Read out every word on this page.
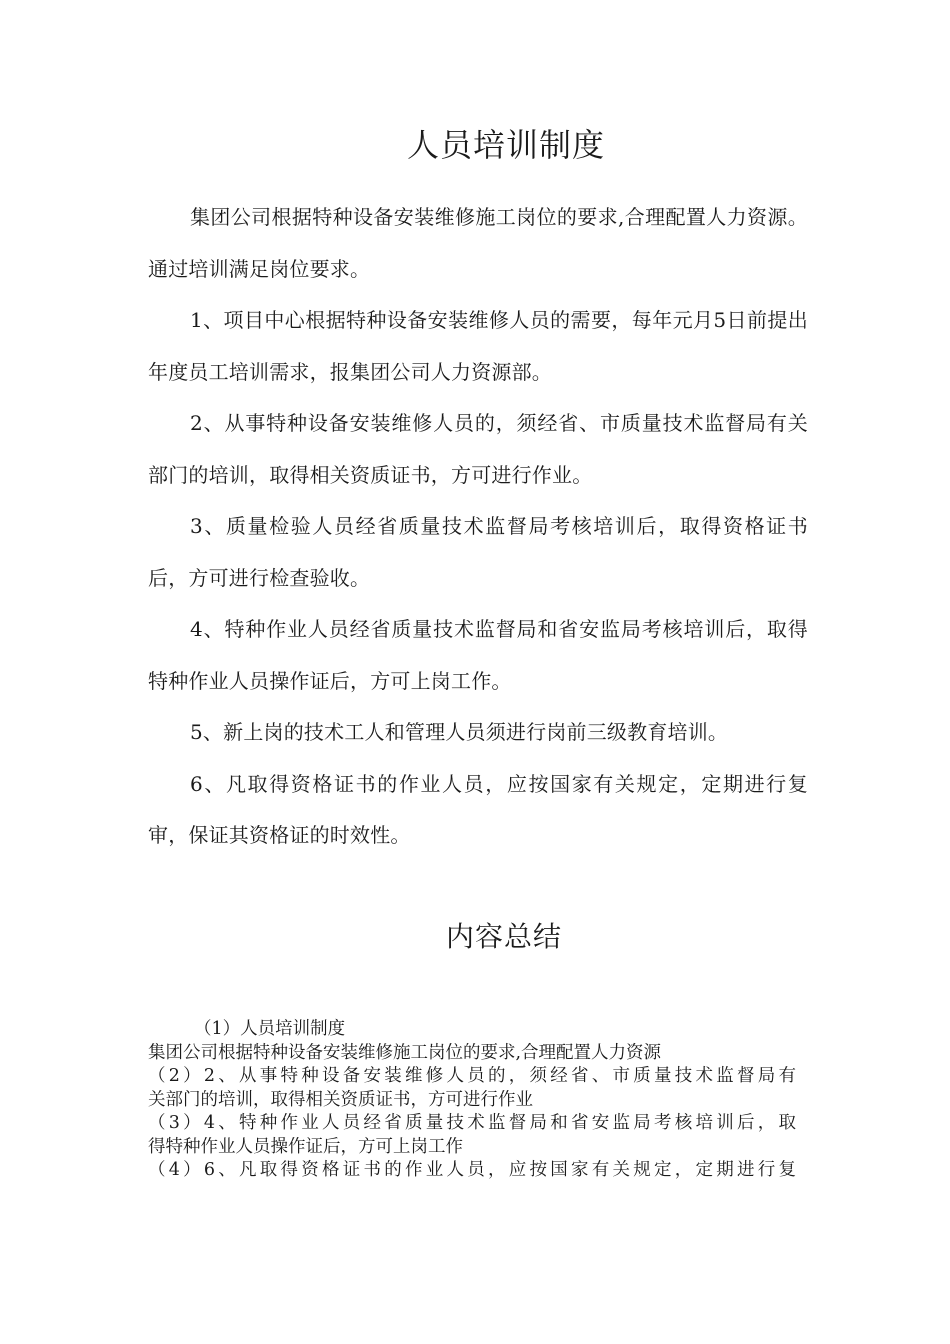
人员培训制度

集团公司根据特种设备安装维修施工岗位的要求,合理配置人力资源。通过培训满足岗位要求。

1、项目中心根据特种设备安装维修人员的需要，每年元月5日前提出年度员工培训需求，报集团公司人力资源部。

2、从事特种设备安装维修人员的，须经省、市质量技术监督局有关部门的培训，取得相关资质证书，方可进行作业。

3、质量检验人员经省质量技术监督局考核培训后，取得资格证书后，方可进行检查验收。

4、特种作业人员经省质量技术监督局和省安监局考核培训后，取得特种作业人员操作证后，方可上岗工作。

5、新上岗的技术工人和管理人员须进行岗前三级教育培训。

6、凡取得资格证书的作业人员，应按国家有关规定，定期进行复审，保证其资格证的时效性。

内容总结

（1）人员培训制度

集团公司根据特种设备安装维修施工岗位的要求,合理配置人力资源

（2）2、从事特种设备安装维修人员的，须经省、市质量技术监督局有

关部门的培训，取得相关资质证书，方可进行作业

（3）4、特种作业人员经省质量技术监督局和省安监局考核培训后，取

得特种作业人员操作证后，方可上岗工作

（4）6、凡取得资格证书的作业人员，应按国家有关规定，定期进行复
